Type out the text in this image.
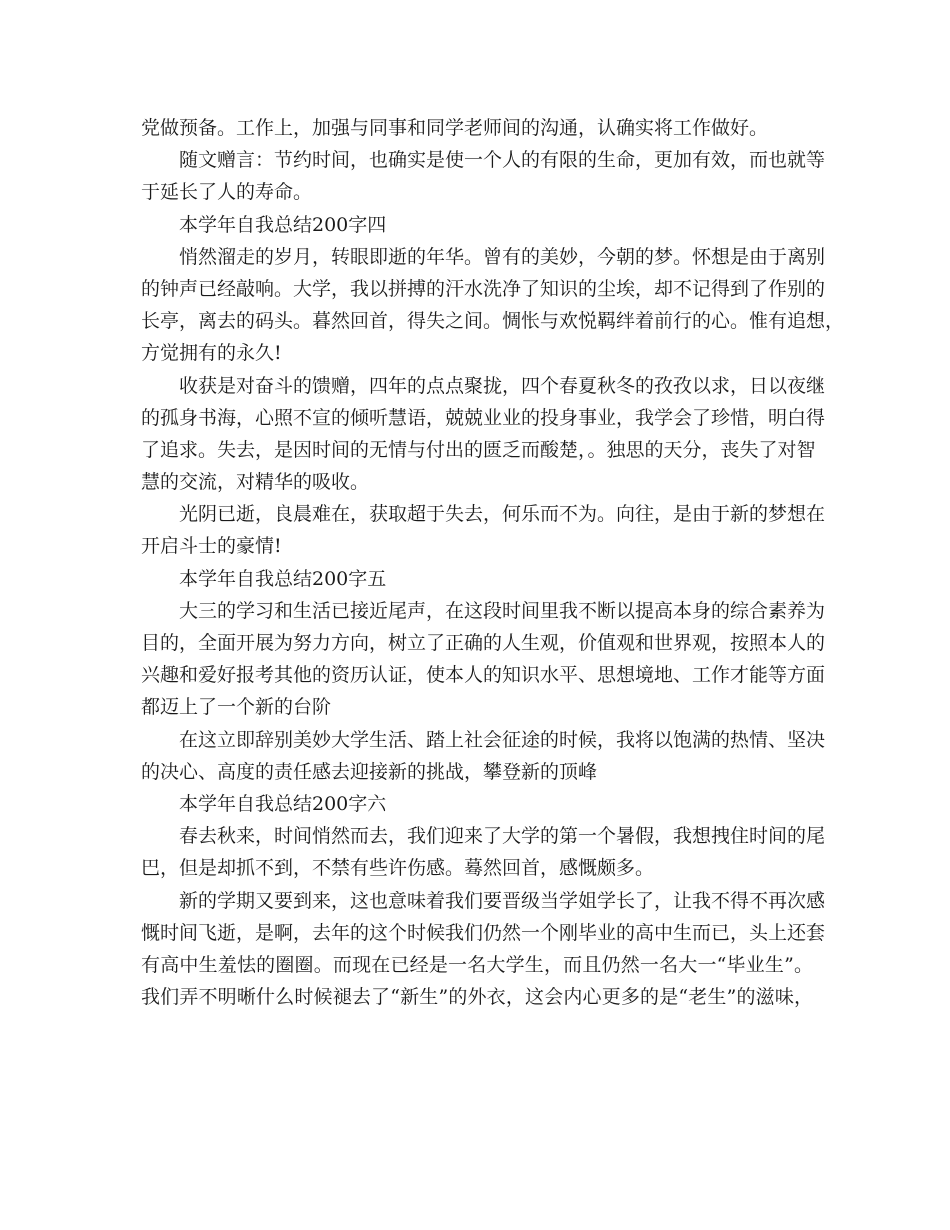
党做预备。工作上，加强与同事和同学老师间的沟通，认确实将工作做好。
随文赠言：节约时间，也确实是使一个人的有限的生命，更加有效，而也就等
于延长了人的寿命。
本学年自我总结200字四
悄然溜走的岁月，转眼即逝的年华。曾有的美妙，今朝的梦。怀想是由于离别
的钟声已经敲响。大学，我以拼搏的汗水洗净了知识的尘埃，却不记得到了作别的
长亭，离去的码头。暮然回首，得失之间。惆怅与欢悦羁绊着前行的心。惟有追想，
方觉拥有的永久!
收获是对奋斗的馈赠，四年的点点聚拢，四个春夏秋冬的孜孜以求，日以夜继
的孤身书海，心照不宣的倾听慧语，兢兢业业的投身事业，我学会了珍惜，明白得
了追求。失去，是因时间的无情与付出的匮乏而酸楚，。独思的天分，丧失了对智
慧的交流，对精华的吸收。
光阴已逝，良晨难在，获取超于失去，何乐而不为。向往，是由于新的梦想在
开启斗士的豪情!
本学年自我总结200字五
大三的学习和生活已接近尾声，在这段时间里我不断以提高本身的综合素养为
目的，全面开展为努力方向，树立了正确的人生观，价值观和世界观，按照本人的
兴趣和爱好报考其他的资历认证，使本人的知识水平、思想境地、工作才能等方面
都迈上了一个新的台阶
在这立即辞别美妙大学生活、踏上社会征途的时候，我将以饱满的热情、坚决
的决心、高度的责任感去迎接新的挑战，攀登新的顶峰
本学年自我总结200字六
春去秋来，时间悄然而去，我们迎来了大学的第一个暑假，我想拽住时间的尾
巴，但是却抓不到，不禁有些许伤感。蓦然回首，感慨颇多。
新的学期又要到来，这也意味着我们要晋级当学姐学长了，让我不得不再次感
慨时间飞逝，是啊，去年的这个时候我们仍然一个刚毕业的高中生而已，头上还套
有高中生羞怯的圈圈。而现在已经是一名大学生，而且仍然一名大一“毕业生”。
我们弄不明晰什么时候褪去了“新生”的外衣，这会内心更多的是“老生”的滋味，
